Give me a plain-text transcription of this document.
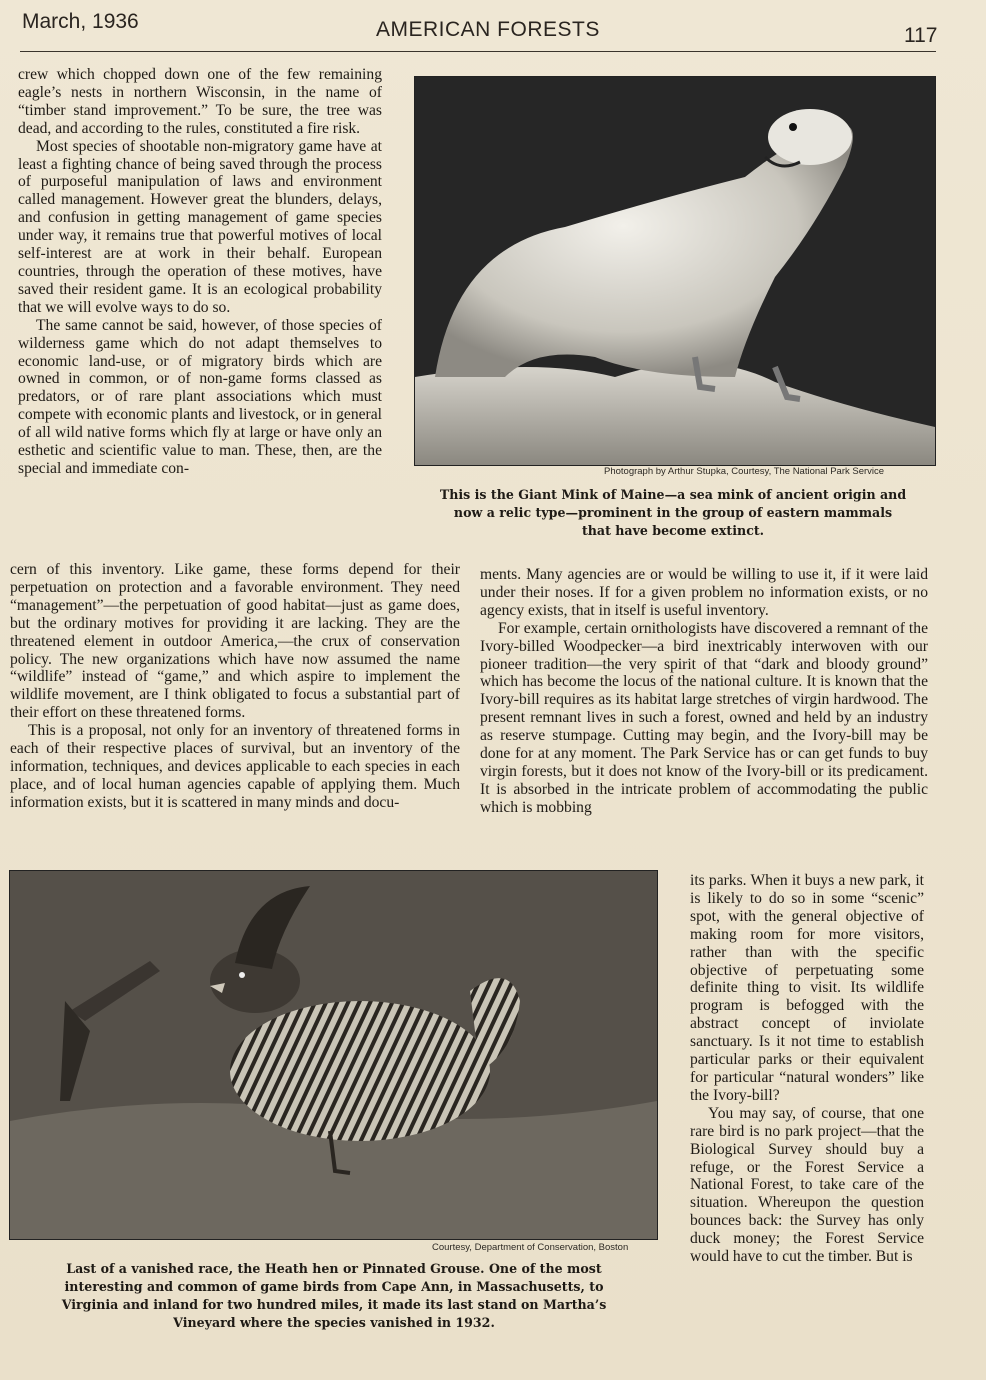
March, 1936	AMERICAN FORESTS	117

crew which chopped down one of the few remaining eagle’s nests in northern Wisconsin, in the name of “timber stand improvement.” To be sure, the tree was dead, and according to the rules, constituted a fire risk.

Most species of shootable non-migratory game have at least a fighting chance of being saved through the process of purposeful manipulation of laws and environment called management. However great the blunders, delays, and confusion in getting management of game species under way, it remains true that powerful motives of local self-interest are at work in their behalf. European countries, through the operation of these motives, have saved their resident game. It is an ecological probability that we will evolve ways to do so.

The same cannot be said, however, of those species of wilderness game which do not adapt themselves to economic land-use, or of migratory birds which are owned in common, or of non-game forms classed as predators, or of rare plant associations which must compete with economic plants and livestock, or in general of all wild native forms which fly at large or have only an esthetic and scientific value to man. These, then, are the special and immediate con-	Photograph by Arthur Stupka, Courtesy, The National Park Service
This is the Giant Mink of Maine—a sea mink of ancient origin and now a relic type—prominent in the group of eastern mammals that have become extinct.

cern of this inventory. Like game, these forms depend for their perpetuation on protection and a favorable environment. They need “management”—the perpetuation of good habitat—just as game does, but the ordinary motives for providing it are lacking. They are the threatened element in outdoor America,—the crux of conservation policy. The new organizations which have now assumed the name “wildlife” instead of “game,” and which aspire to implement the wildlife movement, are I think obligated to focus a substantial part of their effort on these threatened forms.

This is a proposal, not only for an inventory of threatened forms in each of their respective places of survival, but an inventory of the information, techniques, and devices applicable to each species in each place, and of local human agencies capable of applying them. Much information exists, but it is scattered in many minds and docu-

ments. Many agencies are or would be willing to use it, if it were laid under their noses. If for a given problem no information exists, or no agency exists, that in itself is useful inventory.

For example, certain ornithologists have discovered a remnant of the Ivory-billed Woodpecker—a bird inextricably interwoven with our pioneer tradition—the very spirit of that “dark and bloody ground” which has become the locus of the national culture. It is known that the Ivory-bill requires as its habitat large stretches of virgin hardwood. The present remnant lives in such a forest, owned and held by an industry as reserve stumpage. Cutting may begin, and the Ivory-bill may be done for at any moment. The Park Service has or can get funds to buy virgin forests, but it does not know of the Ivory-bill or its predicament. It is absorbed in the intricate problem of accommodating the public which is mobbing

Courtesy, Department of Conservation, Boston
Last of a vanished race, the Heath hen or Pinnated Grouse. One of the most interesting and common of game birds from Cape Ann, in Massachusetts, to Virginia and inland for two hundred miles, it made its last stand on Martha’s Vineyard where the species vanished in 1932.

its parks. When it buys a new park, it is likely to do so in some “scenic” spot, with the general objective of making room for more visitors, rather than with the specific objective of perpetuating some definite thing to visit. Its wildlife program is befogged with the abstract concept of inviolate sanctuary. Is it not time to establish particular parks or their equivalent for particular “natural wonders” like the Ivory-bill?

You may say, of course, that one rare bird is no park project—that the Biological Survey should buy a refuge, or the Forest Service a National Forest, to take care of the situation. Whereupon the question bounces back: the Survey has only duck money; the Forest Service would have to cut the timber. But is
